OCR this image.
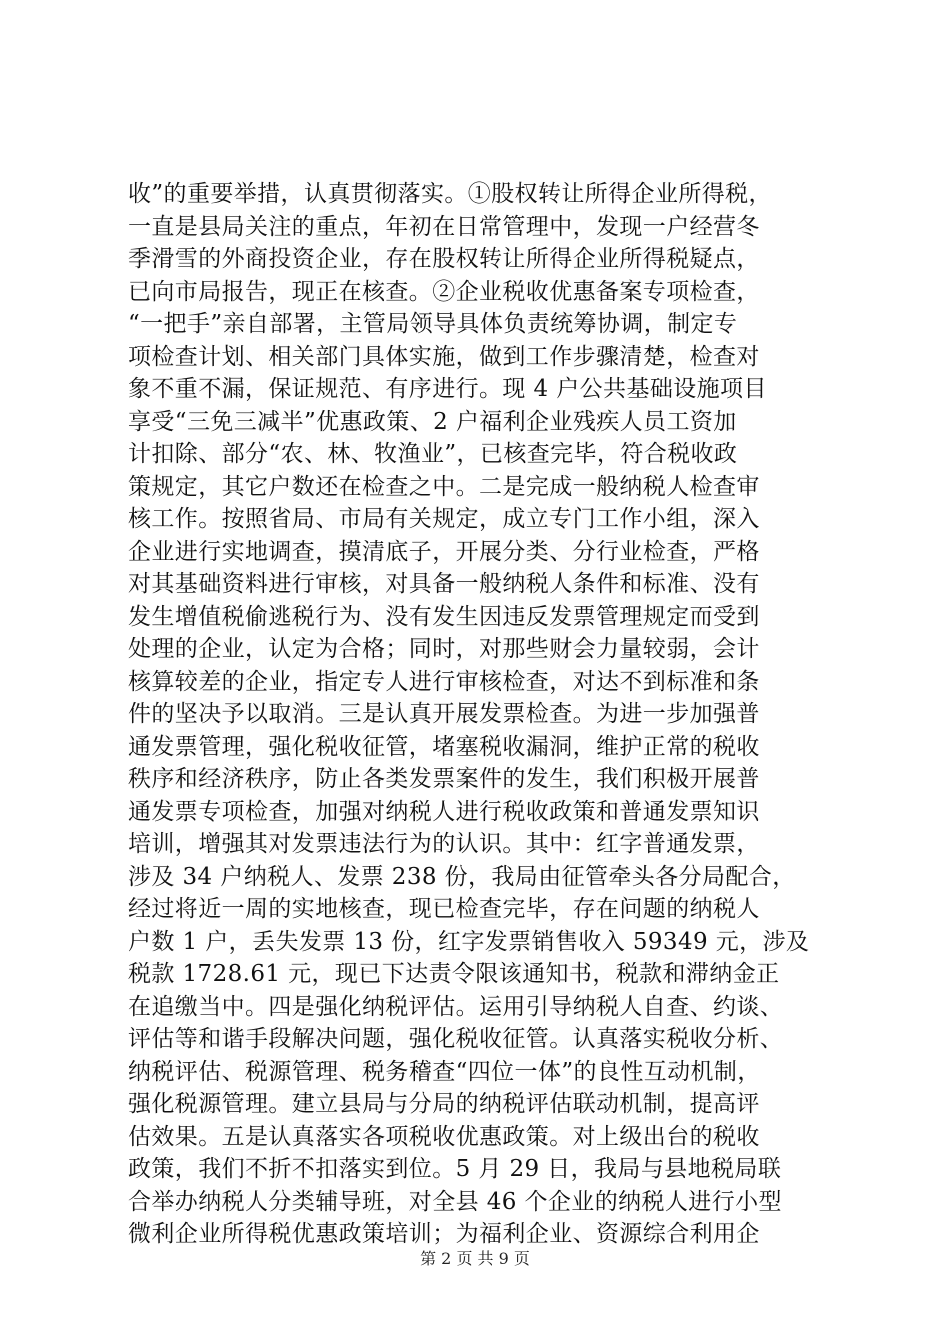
收”的重要举措，认真贯彻落实。①股权转让所得企业所得税，
一直是县局关注的重点，年初在日常管理中，发现一户经营冬
季滑雪的外商投资企业，存在股权转让所得企业所得税疑点，
已向市局报告，现正在核查。②企业税收优惠备案专项检查，
“一把手”亲自部署，主管局领导具体负责统筹协调，制定专
项检查计划、相关部门具体实施，做到工作步骤清楚，检查对
象不重不漏，保证规范、有序进行。现 4 户公共基础设施项目
享受“三免三减半”优惠政策、2 户福利企业残疾人员工资加
计扣除、部分“农、林、牧渔业”，已核查完毕，符合税收政
策规定，其它户数还在检查之中。二是完成一般纳税人检查审
核工作。按照省局、市局有关规定，成立专门工作小组，深入
企业进行实地调查，摸清底子，开展分类、分行业检查，严格
对其基础资料进行审核，对具备一般纳税人条件和标准、没有
发生增值税偷逃税行为、没有发生因违反发票管理规定而受到
处理的企业，认定为合格；同时，对那些财会力量较弱，会计
核算较差的企业，指定专人进行审核检查，对达不到标准和条
件的坚决予以取消。三是认真开展发票检查。为进一步加强普
通发票管理，强化税收征管，堵塞税收漏洞，维护正常的税收
秩序和经济秩序，防止各类发票案件的发生，我们积极开展普
通发票专项检查，加强对纳税人进行税收政策和普通发票知识
培训，增强其对发票违法行为的认识。其中：红字普通发票，
涉及 34 户纳税人、发票 238 份，我局由征管牵头各分局配合，
经过将近一周的实地核查，现已检查完毕，存在问题的纳税人
户数 1 户，丢失发票 13 份，红字发票销售收入 59349 元，涉及
税款 1728.61 元，现已下达责令限该通知书，税款和滞纳金正
在追缴当中。四是强化纳税评估。运用引导纳税人自查、约谈、
评估等和谐手段解决问题，强化税收征管。认真落实税收分析、
纳税评估、税源管理、税务稽查“四位一体”的良性互动机制，
强化税源管理。建立县局与分局的纳税评估联动机制，提高评
估效果。五是认真落实各项税收优惠政策。对上级出台的税收
政策，我们不折不扣落实到位。5 月 29 日，我局与县地税局联
合举办纳税人分类辅导班，对全县 46 个企业的纳税人进行小型
微利企业所得税优惠政策培训；为福利企业、资源综合利用企
第 2 页 共 9 页
